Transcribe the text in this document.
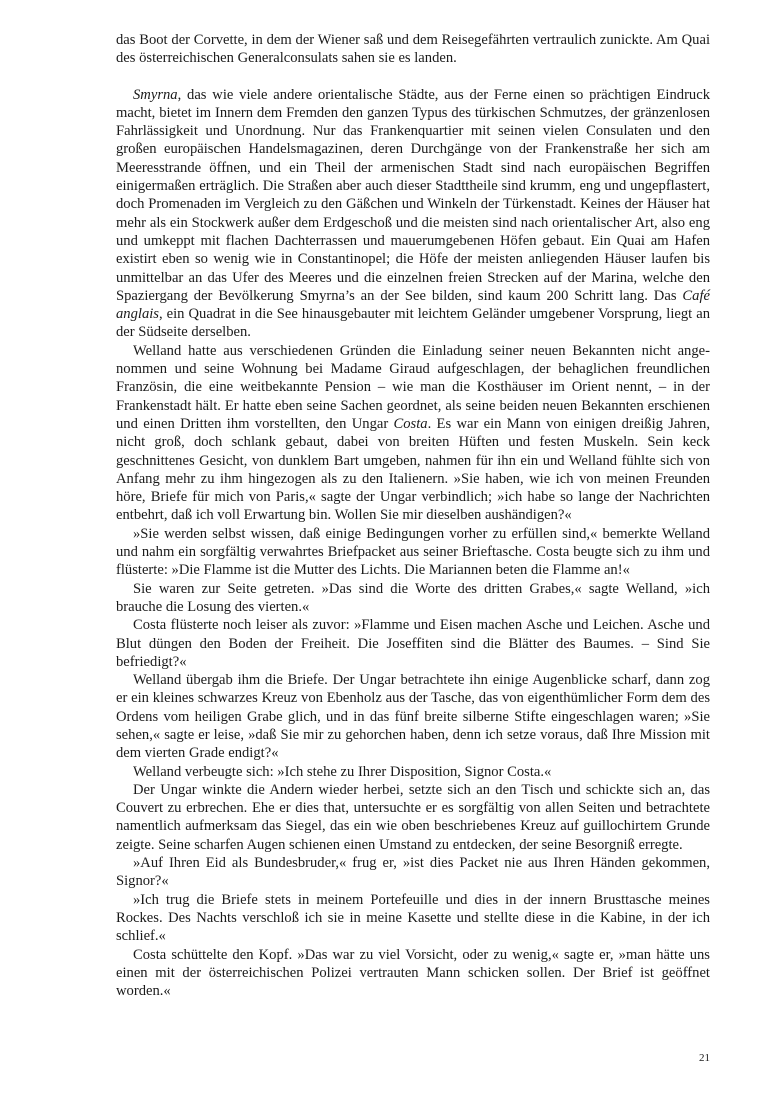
das Boot der Corvette, in dem der Wiener saß und dem Reisegefährten vertraulich zunickte. Am Quai des österreichischen Generalconsulats sahen sie es landen.

Smyrna, das wie viele andere orientalische Städte, aus der Ferne einen so prächtigen Eindruck macht, bietet im Innern dem Fremden den ganzen Typus des türkischen Schmutzes, der gränzenlosen Fahrlässigkeit und Unordnung. Nur das Frankenquartier mit seinen vielen Consulaten und den großen europäischen Handelsmagazinen, deren Durchgänge von der Frankenstraße her sich am Meeresstrande öffnen, und ein Theil der armenischen Stadt sind nach europäischen Begriffen einigermaßen erträglich. Die Straßen aber auch dieser Stadttheile sind krumm, eng und ungepflastert, doch Promenaden im Vergleich zu den Gäßchen und Winkeln der Türkenstadt. Keines der Häuser hat mehr als ein Stockwerk außer dem Erdgeschoß und die meisten sind nach orientalischer Art, also eng und umkeppt mit flachen Dachterrassen und mauerumgebenen Höfen gebaut. Ein Quai am Hafen existirt eben so wenig wie in Constantinopel; die Höfe der meisten anliegenden Häuser laufen bis unmittelbar an das Ufer des Meeres und die einzelnen freien Strecken auf der Marina, welche den Spaziergang der Bevölkerung Smyrna’s an der See bilden, sind kaum 200 Schritt lang. Das Café anglais, ein Quadrat in die See hinausgebauter mit leichtem Geländer umgebener Vorsprung, liegt an der Südseite derselben.

Welland hatte aus verschiedenen Gründen die Einladung seiner neuen Bekannten nicht angenommen und seine Wohnung bei Madame Giraud aufgeschlagen, der behaglichen freundlichen Französin, die eine weitbekannte Pension – wie man die Kosthäuser im Orient nennt, – in der Frankenstadt hält. Er hatte eben seine Sachen geordnet, als seine beiden neuen Bekannten erschienen und einen Dritten ihm vorstellten, den Ungar Costa. Es war ein Mann von einigen dreißig Jahren, nicht groß, doch schlank gebaut, dabei von breiten Hüften und festen Muskeln. Sein keck geschnittenes Gesicht, von dunklem Bart umgeben, nahmen für ihn ein und Welland fühlte sich von Anfang mehr zu ihm hingezogen als zu den Italienern. »Sie haben, wie ich von meinen Freunden höre, Briefe für mich von Paris,« sagte der Ungar verbindlich; »ich habe so lange der Nachrichten entbehrt, daß ich voll Erwartung bin. Wollen Sie mir dieselben aushändigen?«

»Sie werden selbst wissen, daß einige Bedingungen vorher zu erfüllen sind,« bemerkte Welland und nahm ein sorgfältig verwahrtes Briefpacket aus seiner Brieftasche. Costa beugte sich zu ihm und flüsterte: »Die Flamme ist die Mutter des Lichts. Die Mariannen beten die Flamme an!«

Sie waren zur Seite getreten. »Das sind die Worte des dritten Grabes,« sagte Welland, »ich brauche die Losung des vierten.«

Costa flüsterte noch leiser als zuvor: »Flamme und Eisen machen Asche und Leichen. Asche und Blut düngen den Boden der Freiheit. Die Joseffiten sind die Blätter des Baumes. – Sind Sie befriedigt?«

Welland übergab ihm die Briefe. Der Ungar betrachtete ihn einige Augenblicke scharf, dann zog er ein kleines schwarzes Kreuz von Ebenholz aus der Tasche, das von eigenthümlicher Form dem des Ordens vom heiligen Grabe glich, und in das fünf breite silberne Stifte eingeschlagen waren; »Sie sehen,« sagte er leise, »daß Sie mir zu gehorchen haben, denn ich setze voraus, daß Ihre Mission mit dem vierten Grade endigt?«

Welland verbeugte sich: »Ich stehe zu Ihrer Disposition, Signor Costa.«

Der Ungar winkte die Andern wieder herbei, setzte sich an den Tisch und schickte sich an, das Couvert zu erbrechen. Ehe er dies that, untersuchte er es sorgfältig von allen Seiten und betrachtete namentlich aufmerksam das Siegel, das ein wie oben beschriebenes Kreuz auf guillochirtem Grunde zeigte. Seine scharfen Augen schienen einen Umstand zu entdecken, der seine Besorgniß erregte.

»Auf Ihren Eid als Bundesbruder,« frug er, »ist dies Packet nie aus Ihren Händen gekommen, Signor?«

»Ich trug die Briefe stets in meinem Portefeuille und dies in der innern Brusttasche meines Rockes. Des Nachts verschloß ich sie in meine Kasette und stellte diese in die Kabine, in der ich schlief.«

Costa schüttelte den Kopf. »Das war zu viel Vorsicht, oder zu wenig,« sagte er, »man hätte uns einen mit der österreichischen Polizei vertrauten Mann schicken sollen. Der Brief ist geöffnet worden.«

21
